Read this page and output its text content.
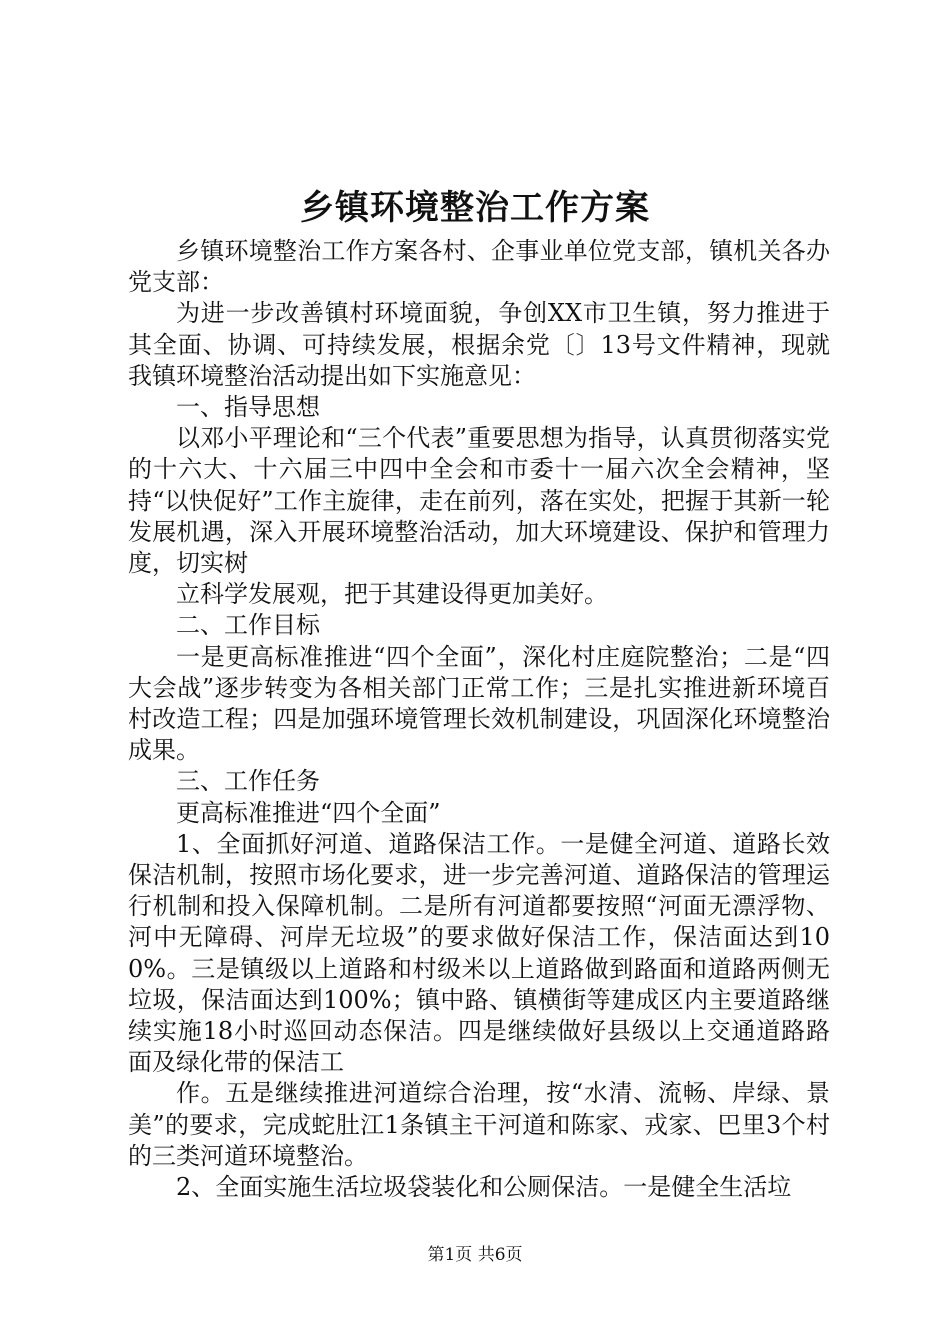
乡镇环境整治工作方案

乡镇环境整治工作方案各村、企事业单位党支部，镇机关各办党支部：

为进一步改善镇村环境面貌，争创XX市卫生镇，努力推进于其全面、协调、可持续发展，根据余党〔〕13号文件精神，现就我镇环境整治活动提出如下实施意见：

一、指导思想

以邓小平理论和“三个代表”重要思想为指导，认真贯彻落实党的十六大、十六届三中四中全会和市委十一届六次全会精神，坚持“以快促好”工作主旋律，走在前列，落在实处，把握于其新一轮发展机遇，深入开展环境整治活动，加大环境建设、保护和管理力度，切实树

立科学发展观，把于其建设得更加美好。

二、工作目标

一是更高标准推进“四个全面”，深化村庄庭院整治；二是“四大会战”逐步转变为各相关部门正常工作；三是扎实推进新环境百村改造工程；四是加强环境管理长效机制建设，巩固深化环境整治成果。

三、工作任务

更高标准推进“四个全面”

1、全面抓好河道、道路保洁工作。一是健全河道、道路长效保洁机制，按照市场化要求，进一步完善河道、道路保洁的管理运行机制和投入保障机制。二是所有河道都要按照“河面无漂浮物、河中无障碍、河岸无垃圾”的要求做好保洁工作，保洁面达到100%。三是镇级以上道路和村级米以上道路做到路面和道路两侧无垃圾，保洁面达到100%；镇中路、镇横街等建成区内主要道路继续实施18小时巡回动态保洁。四是继续做好县级以上交通道路路面及绿化带的保洁工

作。五是继续推进河道综合治理，按“水清、流畅、岸绿、景美”的要求，完成蛇肚江1条镇主干河道和陈家、戎家、巴里3个村的三类河道环境整治。

2、全面实施生活垃圾袋装化和公厕保洁。一是健全生活垃

第1页 共6页
